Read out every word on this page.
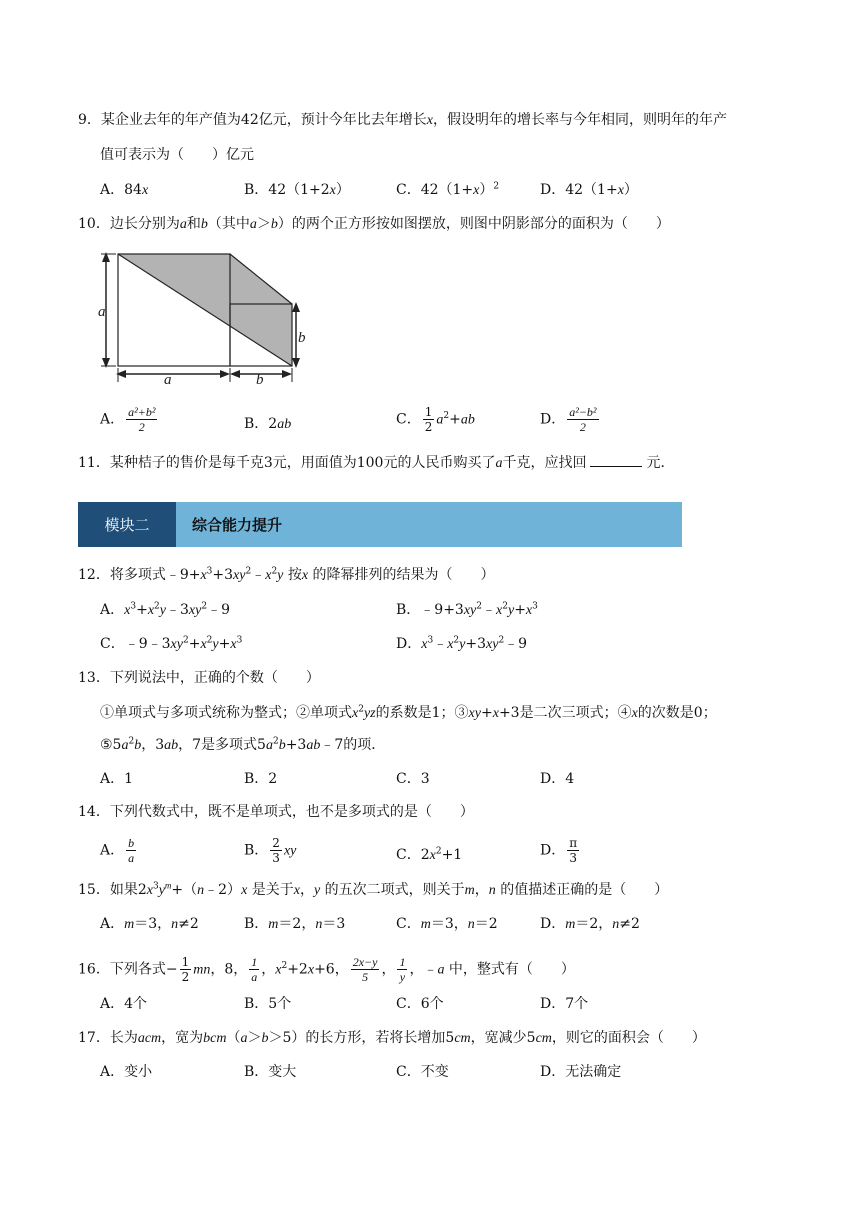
9．某企业去年的年产值为42亿元，预计今年比去年增长x，假设明年的增长率与今年相同，则明年的年产
值可表示为（　　）亿元
A．84x	B．42（1+2x）	C．$42(1+x)^2$	D．42（1+x）
10．边长分别为a和b（其中a＞b）的两个正方形按如图摆放，则图中阴影部分的面积为（　　）
a
b
a	b
A． $\frac{\text{a²+b²}}{2}$	B．2ab	C． $\frac{1}{2} a^2+ab$	D． $\frac{\text{a²−b²}}{2}$
11．某种桔子的售价是每千克3元，用面值为100元的人民币购买了a千克，应找回	元．
模块二	综合能力提升
12．将多项式$﹣9+x^3+3xy^2﹣x^2y$ 按x 的降幂排列的结果为（　　）
A．$x^3+x^2y﹣3xy^2﹣9$	B．$﹣9+3xy^2﹣x^2y+x^3$
C．$﹣9﹣3xy^2+x^2y+x^3$	D．$x^3﹣x^2y+3xy^2﹣9$
13．下列说法中，正确的个数（　　）
①单项式与多项式统称为整式；②单项式$x^2yz$的系数是1；③xy+x+3是二次三项式；④x的次数是0；
$⑤5a^2b$，3ab，7是多项式$5a^2b+3ab﹣7$的项．
A．1	B．2	C．3	D．4
14．下列代数式中，既不是单项式，也不是多项式的是（　　）
A． $\frac{b}{a}$	B． $\frac{2}{3}$ xy	C．$2x^2+1$	D． $\frac{\pi}{3}$
15．如果$2x^3y^m+(n﹣2)x$ 是关于x，y 的五次二项式，则关于m，n 的值描述正确的是（　　）
A．m＝3，n≠2	B．m＝2，n＝3	C．m＝3，n＝2	D．m＝2，n≠2
16．下列各式− $\frac{1}{2}$ mn，8， $\frac{1}{a}$ ，$x^2+2x+6$， $\frac{2x-y}{5}$ ， $\frac{1}{y}$ ，﹣a 中，整式有（　　）
A．4个	B．5个	C．6个	D．7个
17．长为acm，宽为bcm（a＞b＞5）的长方形，若将长增加5cm，宽减少5cm，则它的面积会（　　）
A．变小	B．变大	C．不变	D．无法确定
